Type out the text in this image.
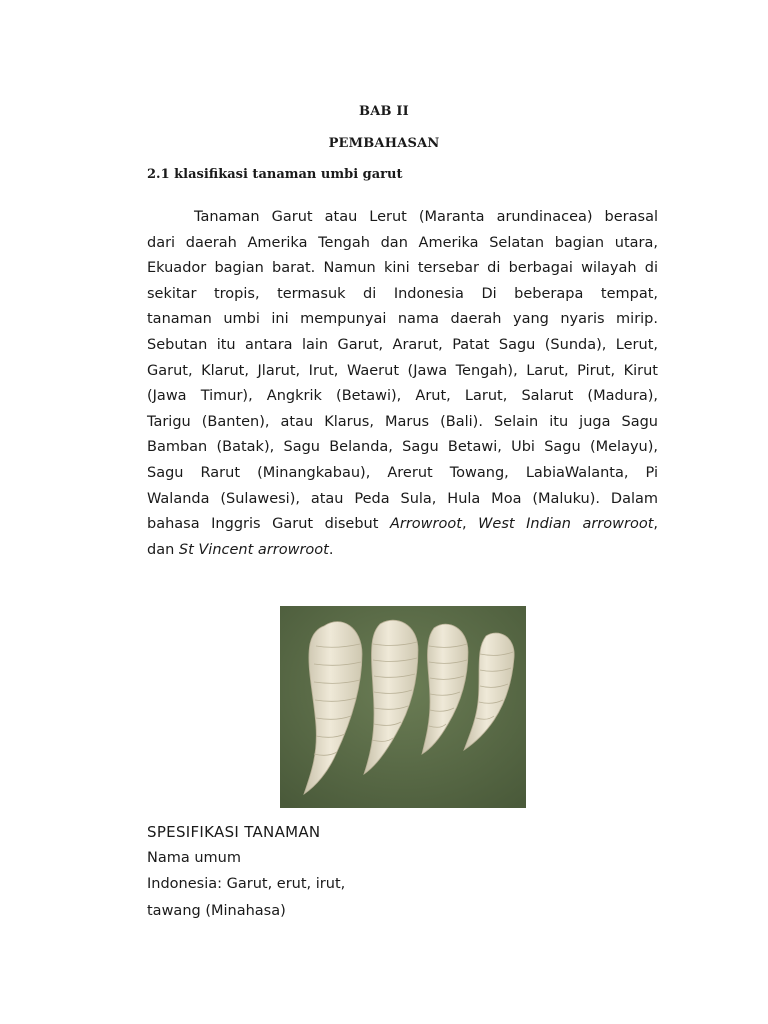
BAB II
PEMBAHASAN
2.1 klasifikasi tanaman umbi garut
Tanaman Garut atau Lerut (Maranta arundinacea) berasal
dari daerah Amerika Tengah dan Amerika Selatan bagian utara,
Ekuador bagian barat. Namun kini tersebar di berbagai wilayah di
sekitar tropis, termasuk di Indonesia Di beberapa tempat,
tanaman umbi ini mempunyai nama daerah yang nyaris mirip.
Sebutan itu antara lain Garut, Ararut, Patat Sagu (Sunda), Lerut,
Garut, Klarut, Jlarut, Irut, Waerut (Jawa Tengah), Larut, Pirut, Kirut
(Jawa Timur), Angkrik (Betawi), Arut, Larut, Salarut (Madura),
Tarigu (Banten), atau Klarus, Marus (Bali). Selain itu juga Sagu
Bamban (Batak), Sagu Belanda, Sagu Betawi, Ubi Sagu (Melayu),
Sagu Rarut (Minangkabau), Arerut Towang, LabiaWalanta, Pi
Walanda (Sulawesi), atau Peda Sula, Hula Moa (Maluku). Dalam
bahasa Inggris Garut disebut Arrowroot, West Indian arrowroot,
dan St Vincent arrowroot.
SPESIFIKASI TANAMAN
Nama umum
Indonesia: Garut, erut, irut,
tawang (Minahasa)
